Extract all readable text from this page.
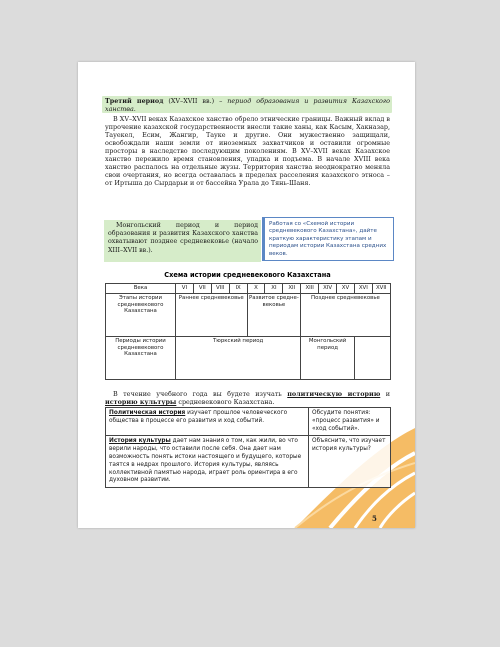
Третий период (XV–XVII вв.) – период образования и развития Казахского ханства.

В XV–XVII веках Казахское ханство обрело этнические границы. Важный вклад в упрочение казахской государственности внесли такие ханы, как Касым, Хакназар, Тауекел, Есим, Жангир, Тауке и другие. Они мужественно защищали, освобождали наши земли от иноземных захватчиков и оставили огромные просторы в наследство последующим поколениям. В XV–XVII веках Казахское ханство пережило время становления, упадка и подъема. В начале XVIII века ханство распалось на отдельные жузы. Территория ханства неоднократно меняла свои очертания, но всегда оставалась в пределах расселения казахского этноса – от Иртыша до Сырдарьи и от бассейна Урала до Тянь-Шаня.

Монгольский период и период образования и развития Казахского ханства охватывают позднее средневековье (начало XIII–XVII вв.).

Работая со «Схемой истории средневекового Казахстана», дайте краткую характеристику этапам и периодам истории Казахстана средних веков.

Схема истории средневекового Казахстана

Века	VI	VII	VIII	IX	X	XI	XII	XIII	XIV	XV	XVI	XVII
Этапы истории средневекового Казахстана	Раннее средневековье				Развитое средневековье			Позднее средневековье				
Периоды истории средневекового Казахстана	Тюркский период							Монгольский период				

В течение учебного года вы будете изучать политическую историю и историю культуры средневекового Казахстана.

Политическая история изучает прошлое человеческого общества в процессе его развития и ход событий.	Обсудите понятия: «процесс развития» и «ход событий».
История культуры дает нам знания о том, как жили, во что верили народы, что оставили после себя. Она дает нам возможность понять истоки настоящего и будущего, которые таятся в недрах прошлого. История культуры, являясь коллективной памятью народа, играет роль ориентира в его духовном развитии.	Объясните, что изучает история культуры?
5
